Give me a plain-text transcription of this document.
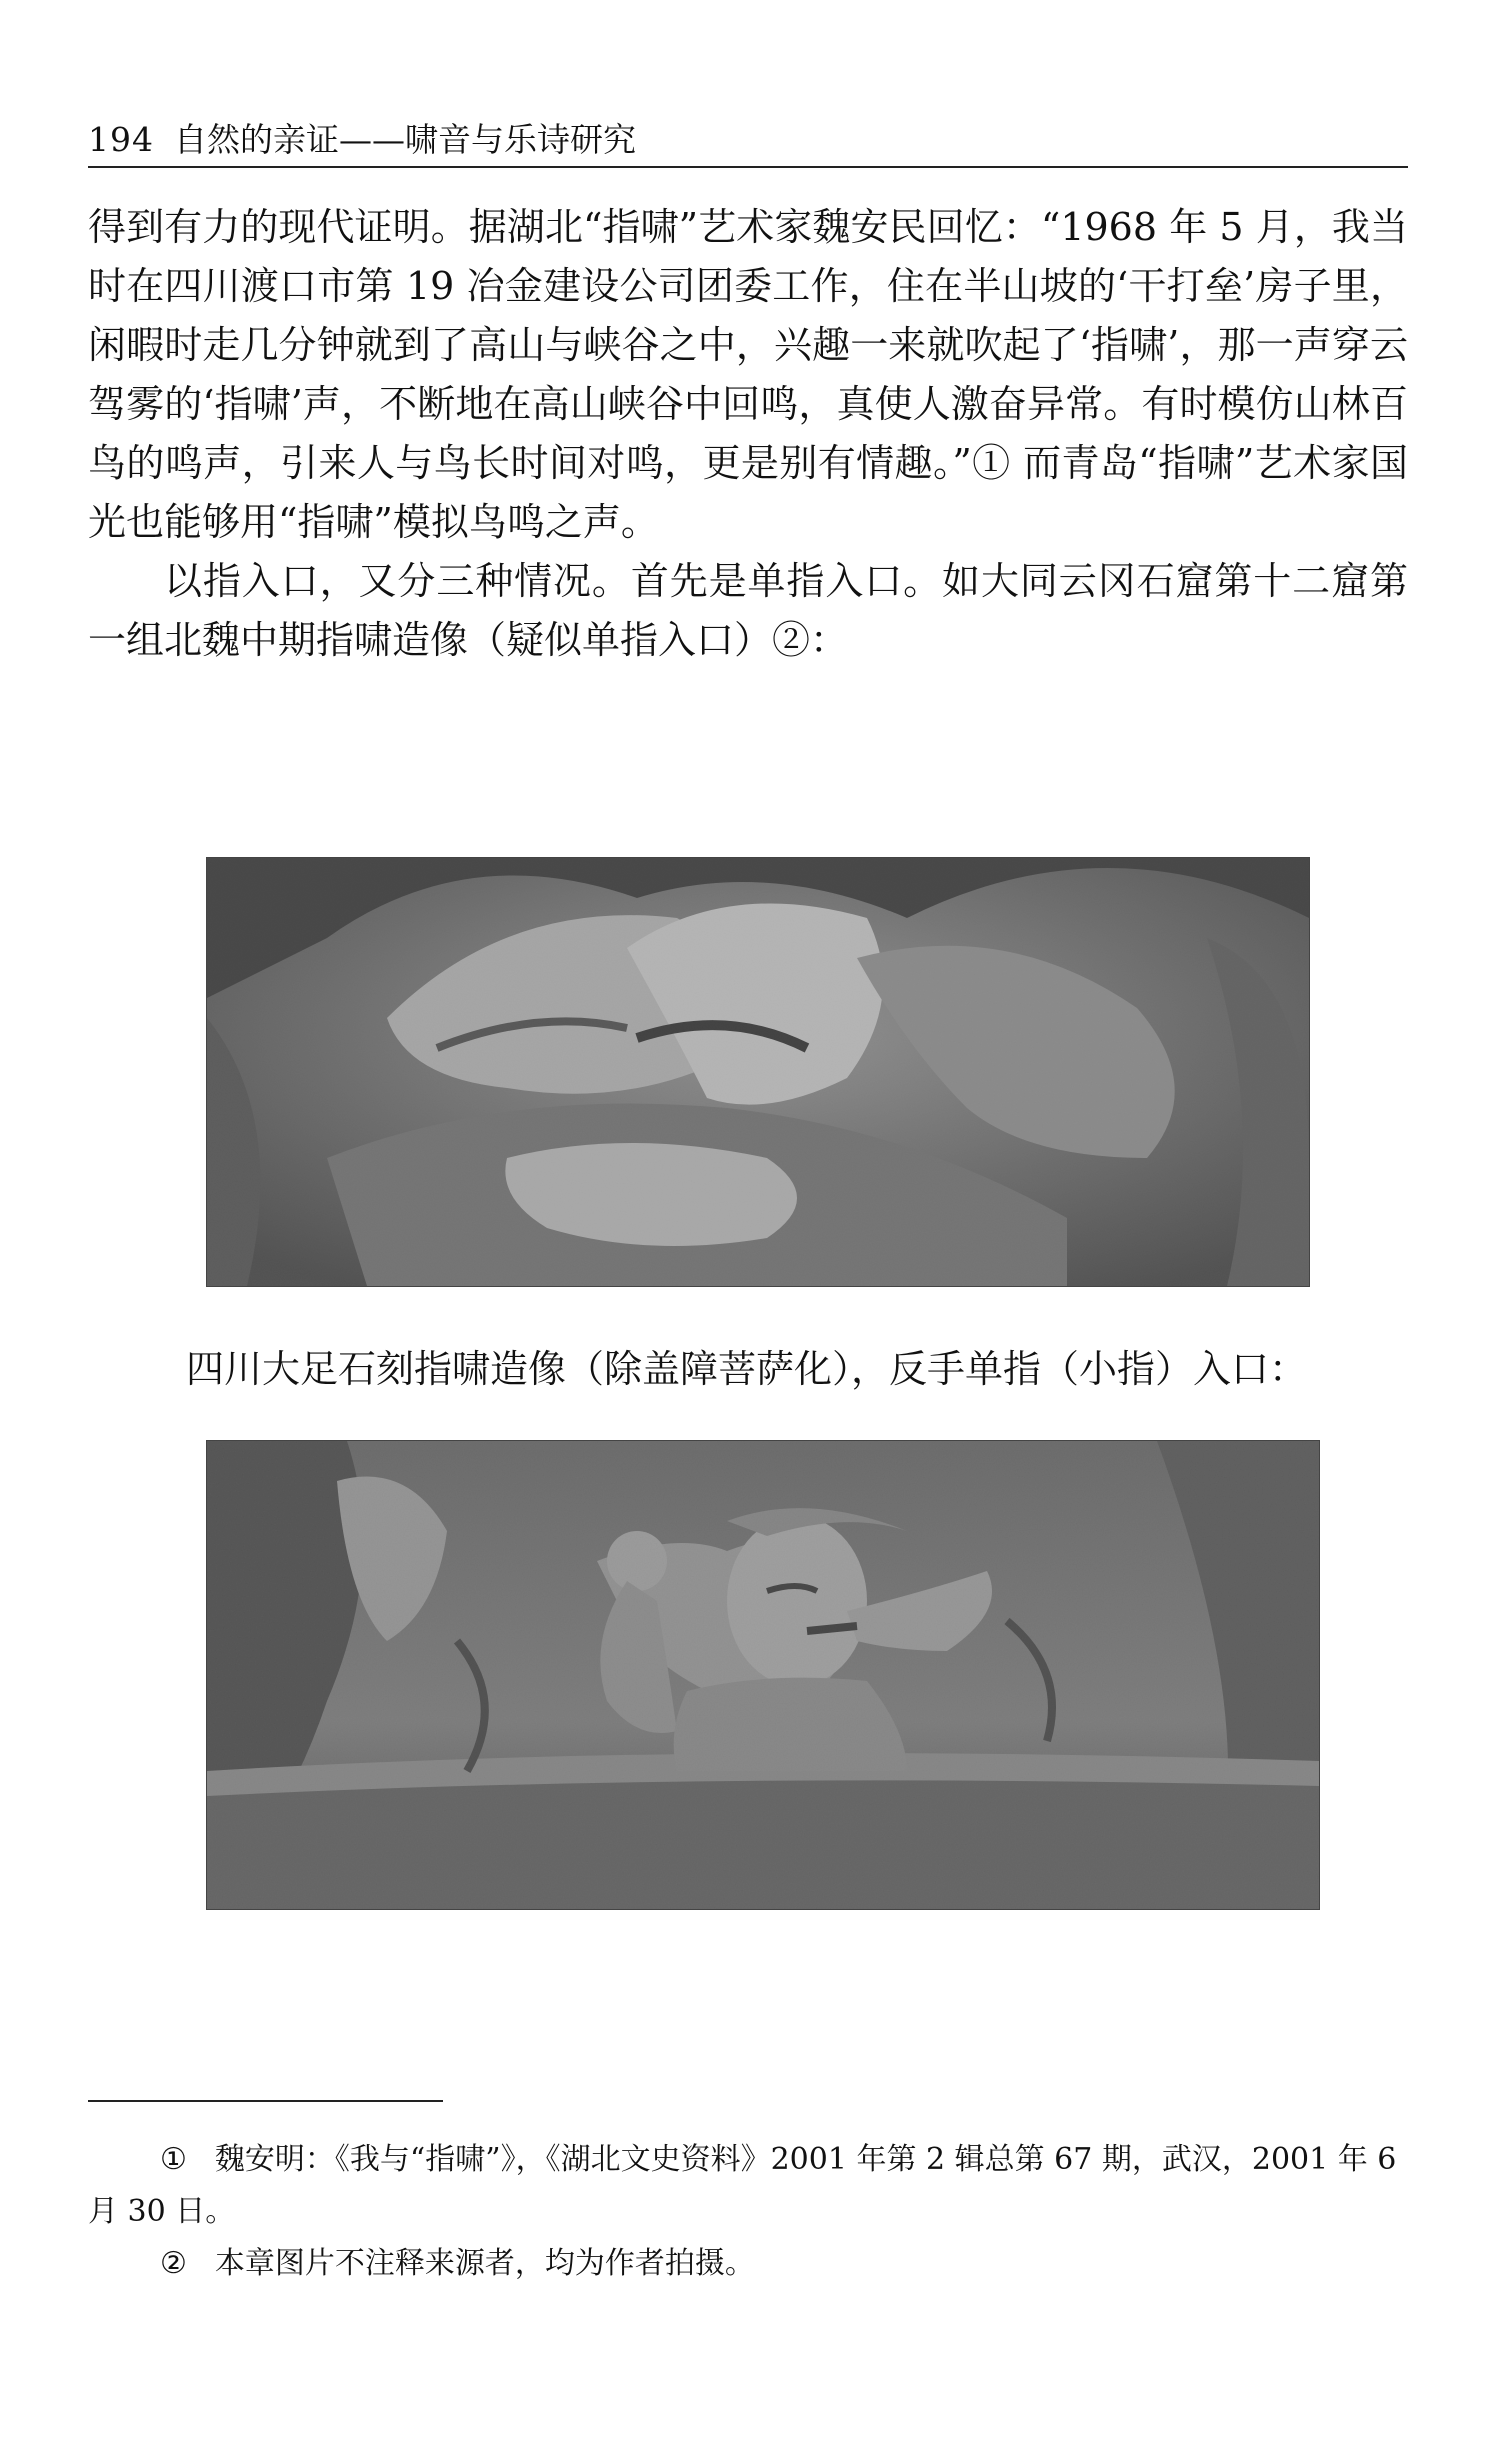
194 自然的亲证——啸音与乐诗研究

得到有力的现代证明。据湖北“指啸”艺术家魏安民回忆：“1968 年 5 月，我当时在四川渡口市第 19 冶金建设公司团委工作，住在半山坡的‘干打垒’房子里，闲暇时走几分钟就到了高山与峡谷之中，兴趣一来就吹起了‘指啸’，那一声穿云驾雾的‘指啸’声，不断地在高山峡谷中回鸣，真使人激奋异常。有时模仿山林百鸟的鸣声，引来人与鸟长时间对鸣，更是别有情趣。”① 而青岛“指啸”艺术家国光也能够用“指啸”模拟鸟鸣之声。

以指入口，又分三种情况。首先是单指入口。如大同云冈石窟第十二窟第一组北魏中期指啸造像（疑似单指入口）②：

四川大足石刻指啸造像（除盖障菩萨化），反手单指（小指）入口：

① 魏安明：《我与“指啸”》，《湖北文史资料》2001 年第 2 辑总第 67 期，武汉，2001 年 6 月 30 日。

② 本章图片不注释来源者，均为作者拍摄。
